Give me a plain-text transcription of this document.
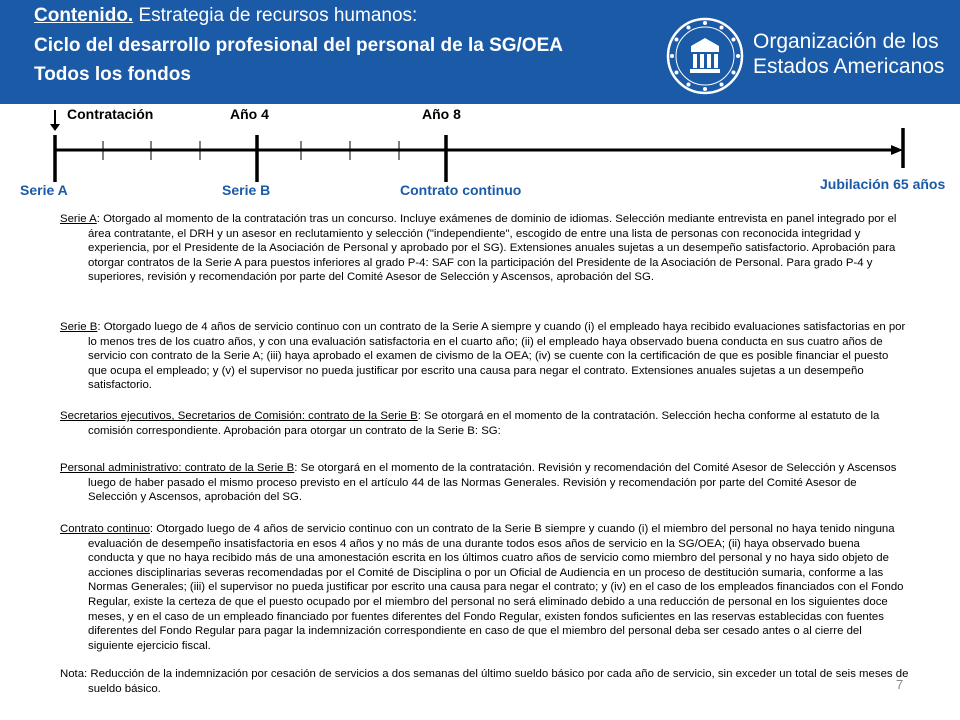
Contenido. Estrategia de recursos humanos:
Ciclo del desarrollo profesional del personal de la SG/OEA
Todos los fondos
Organización de los
Estados Americanos
Contratación	Año 4	Año 8
Serie A	Serie B	Contrato continuo	Jubilación 65 años

Serie A: Otorgado al momento de la contratación tras un concurso. Incluye exámenes de dominio de idiomas. Selección mediante entrevista en panel integrado por el área contratante, el DRH y un asesor en reclutamiento y selección ("independiente", escogido de entre una lista de personas con reconocida integridad y experiencia, por el Presidente de la Asociación de Personal y aprobado por el SG). Extensiones anuales sujetas a un desempeño satisfactorio. Aprobación para otorgar contratos de la Serie A para puestos inferiores al grado P-4: SAF con la participación del Presidente de la Asociación de Personal. Para grado P-4 y superiores, revisión y recomendación por parte del Comité Asesor de Selección y Ascensos, aprobación del SG.

Serie B: Otorgado luego de 4 años de servicio continuo con un contrato de la Serie A siempre y cuando (i) el empleado haya recibido evaluaciones satisfactorias en por lo menos tres de los cuatro años, y con una evaluación satisfactoria en el cuarto año; (ii) el empleado haya observado buena conducta en sus cuatro años de servicio con contrato de la Serie A; (iii) haya aprobado el examen de civismo de la OEA; (iv) se cuente con la certificación de que es posible financiar el puesto que ocupa el empleado; y (v) el supervisor no pueda justificar por escrito una causa para negar el contrato. Extensiones anuales sujetas a un desempeño satisfactorio.

Secretarios ejecutivos, Secretarios de Comisión: contrato de la Serie B: Se otorgará en el momento de la contratación. Selección hecha conforme al estatuto de la comisión correspondiente. Aprobación para otorgar un contrato de la Serie B: SG:

Personal administrativo: contrato de la Serie B: Se otorgará en el momento de la contratación. Revisión y recomendación del Comité Asesor de Selección y Ascensos luego de haber pasado el mismo proceso previsto en el artículo 44 de las Normas Generales. Revisión y recomendación por parte del Comité Asesor de Selección y Ascensos, aprobación del SG.

Contrato continuo: Otorgado luego de 4 años de servicio continuo con un contrato de la Serie B siempre y cuando (i) el miembro del personal no haya tenido ninguna evaluación de desempeño insatisfactoria en esos 4 años y no más de una durante todos esos años de servicio en la SG/OEA; (ii) haya observado buena conducta y que no haya recibido más de una amonestación escrita en los últimos cuatro años de servicio como miembro del personal y no haya sido objeto de acciones disciplinarias severas recomendadas por el Comité de Disciplina o por un Oficial de Audiencia en un proceso de destitución sumaria, conforme a las Normas Generales; (iii) el supervisor no pueda justificar por escrito una causa para negar el contrato; y (iv) en el caso de los empleados financiados con el Fondo Regular, existe la certeza de que el puesto ocupado por el miembro del personal no será eliminado debido a una reducción de personal en los siguientes doce meses, y en el caso de un empleado financiado por fuentes diferentes del Fondo Regular, existen fondos suficientes en las reservas establecidas con fuentes diferentes del Fondo Regular para pagar la indemnización correspondiente en caso de que el miembro del personal deba ser cesado antes o al cierre del siguiente ejercicio fiscal.

Nota: Reducción de la indemnización por cesación de servicios a dos semanas del último sueldo básico por cada año de servicio, sin exceder un total de seis meses de sueldo básico.	7
